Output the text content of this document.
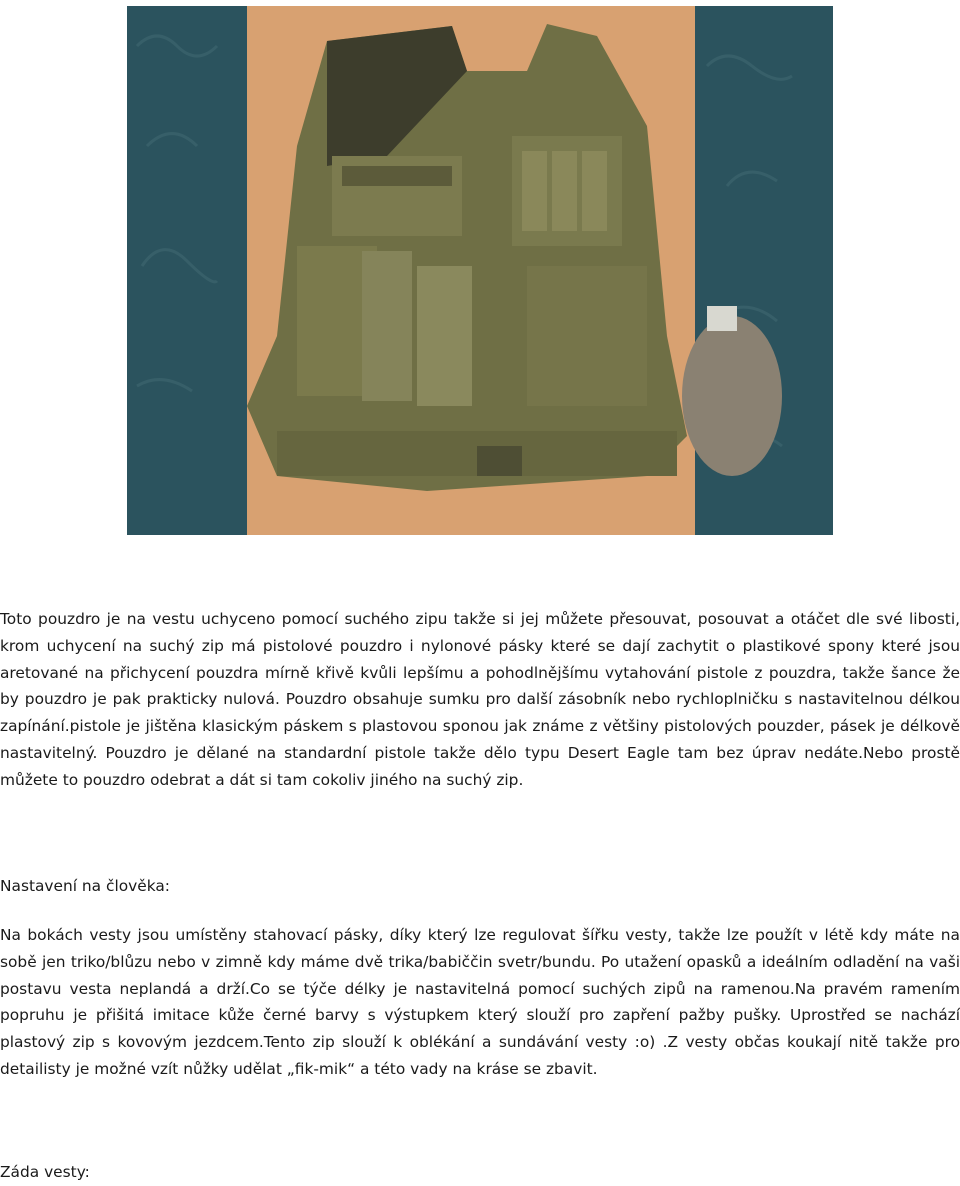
Toto pouzdro je na vestu uchyceno pomocí suchého zipu takže si jej můžete přesouvat, posouvat a otáčet dle své libosti, krom uchycení na suchý zip má pistolové pouzdro i nylonové pásky které se dají zachytit o plastikové spony které jsou aretované na přichycení pouzdra mírně křivě kvůli lepšímu a pohodlnějšímu vytahování pistole z pouzdra, takže šance že by pouzdro je pak prakticky nulová. Pouzdro obsahuje sumku pro další zásobník nebo rychloplničku s nastavitelnou délkou zapínání.pistole je jištěna klasickým páskem s plastovou sponou jak známe z většiny pistolových pouzder, pásek je délkově nastavitelný. Pouzdro je dělané na standardní pistole takže dělo typu Desert Eagle tam bez úprav nedáte.Nebo prostě můžete to pouzdro odebrat a dát si tam cokoliv jiného na suchý zip.

Nastavení na člověka:

Na bokách vesty jsou umístěny stahovací pásky, díky který lze regulovat šířku vesty, takže lze použít v létě kdy máte na sobě jen triko/blůzu nebo v zimně kdy máme dvě trika/babiččin svetr/bundu. Po utažení opasků a ideálním odladění na vaši postavu vesta neplandá a drží.Co se týče délky je nastavitelná pomocí suchých zipů na ramenou.Na pravém ramením popruhu je přišitá imitace kůže černé barvy s výstupkem který slouží pro zapření pažby pušky. Uprostřed se nachází plastový zip s kovovým jezdcem.Tento zip slouží k oblékání a sundávání vesty :o) .Z vesty občas koukají nitě takže pro detailisty je možné vzít nůžky udělat „fik-mik“ a této vady na kráse se zbavit.

Záda vesty:
